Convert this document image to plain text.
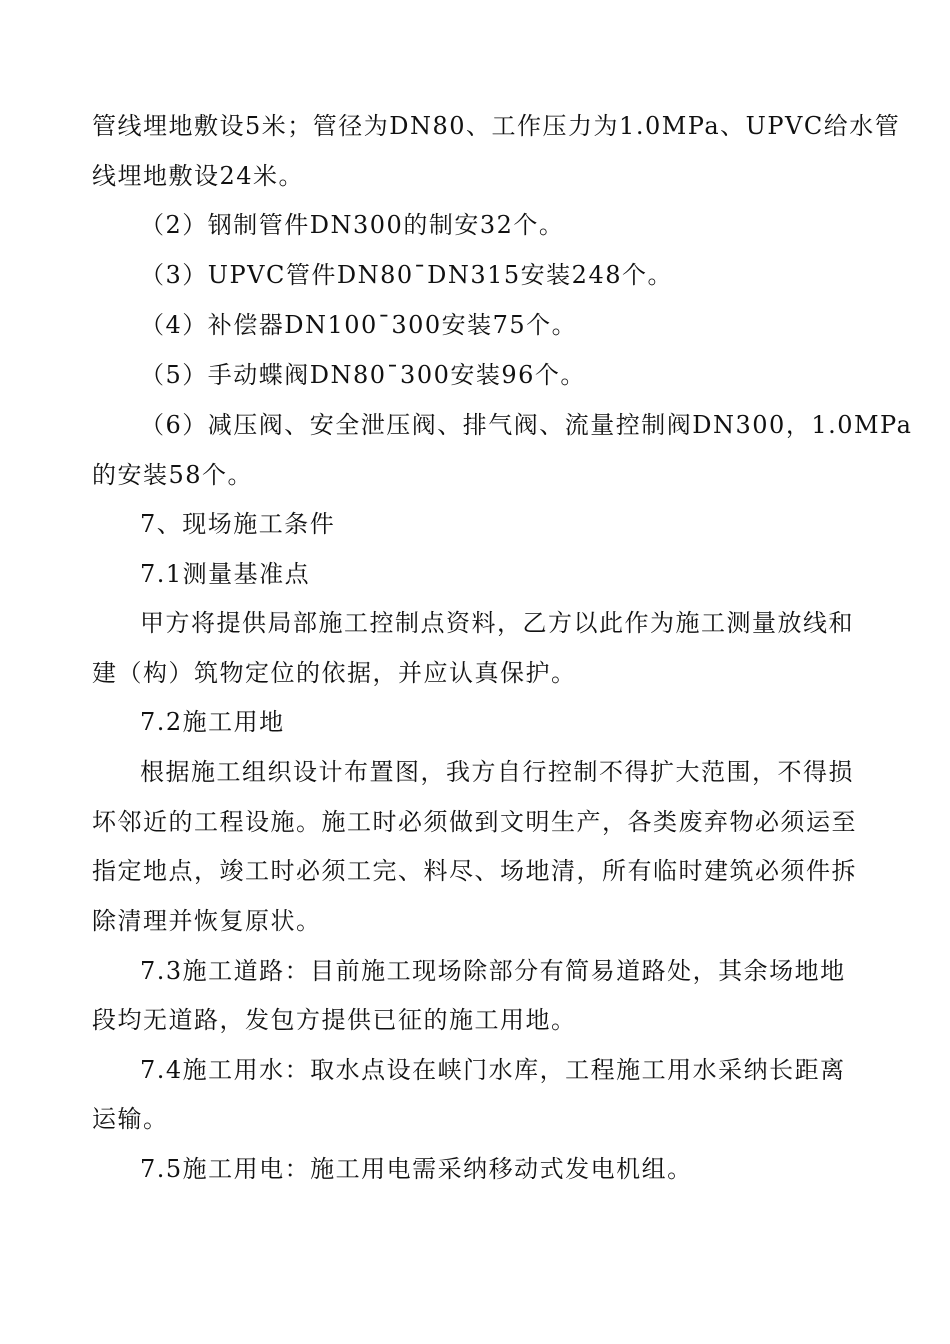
管线埋地敷设5米；管径为DN80、工作压力为1.0MPa、UPVC给水管
线埋地敷设24米。
（2）钢制管件DN300的制安32个。
（3）UPVC管件DN80¯DN315安装248个。
（4）补偿器DN100¯300安装75个。
（5）手动蝶阀DN80¯300安装96个。
（6）减压阀、安全泄压阀、排气阀、流量控制阀DN300，1.0MPa
的安装58个。
7、现场施工条件
7.1测量基准点
甲方将提供局部施工控制点资料，乙方以此作为施工测量放线和
建（构）筑物定位的依据，并应认真保护。
7.2施工用地
根据施工组织设计布置图，我方自行控制不得扩大范围，不得损
坏邻近的工程设施。施工时必须做到文明生产，各类废弃物必须运至
指定地点，竣工时必须工完、料尽、场地清，所有临时建筑必须件拆
除清理并恢复原状。
7.3施工道路：目前施工现场除部分有简易道路处，其余场地地
段均无道路，发包方提供已征的施工用地。
7.4施工用水：取水点设在峡门水库，工程施工用水采纳长距离
运输。
7.5施工用电：施工用电需采纳移动式发电机组。
